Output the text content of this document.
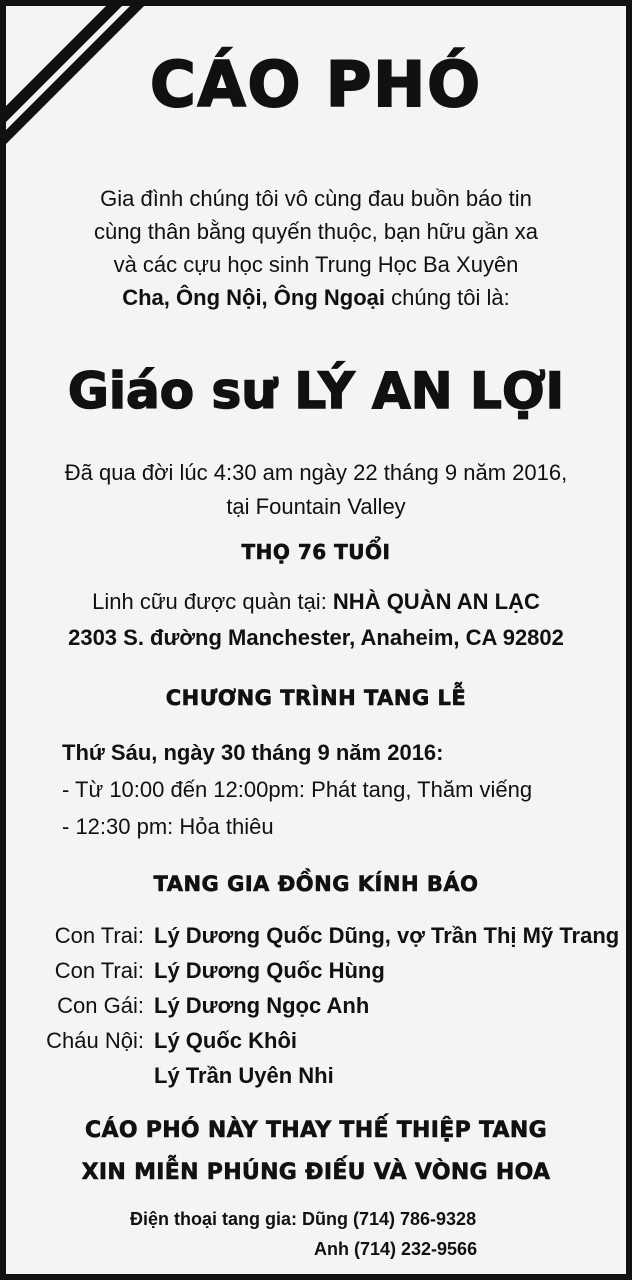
CÁO PHÓ
Gia đình chúng tôi vô cùng đau buồn báo tin
cùng thân bằng quyến thuộc, bạn hữu gần xa
và các cựu học sinh Trung Học Ba Xuyên
Cha, Ông Nội, Ông Ngoại chúng tôi là:
Giáo sư LÝ AN LỢI
Đã qua đời lúc 4:30 am ngày 22 tháng 9 năm 2016,
tại Fountain Valley
THỌ 76 TUỔI
Linh cữu được quàn tại: NHÀ QUÀN AN LẠC
2303 S. đường Manchester, Anaheim, CA 92802
CHƯƠNG TRÌNH TANG LỄ
Thứ Sáu, ngày 30 tháng 9 năm 2016:
- Từ 10:00 đến 12:00pm: Phát tang, Thăm viếng
- 12:30 pm: Hỏa thiêu
TANG GIA ĐỒNG KÍNH BÁO
Con Trai: Lý Dương Quốc Dũng, vợ Trần Thị Mỹ Trang
Con Trai: Lý Dương Quốc Hùng
Con Gái: Lý Dương Ngọc Anh
Cháu Nội: Lý Quốc Khôi
Lý Trần Uyên Nhi
CÁO PHÓ NÀY THAY THẾ THIỆP TANG
XIN MIỄN PHÚNG ĐIẾU VÀ VÒNG HOA
Điện thoại tang gia: Dũng (714) 786-9328
Anh (714) 232-9566
